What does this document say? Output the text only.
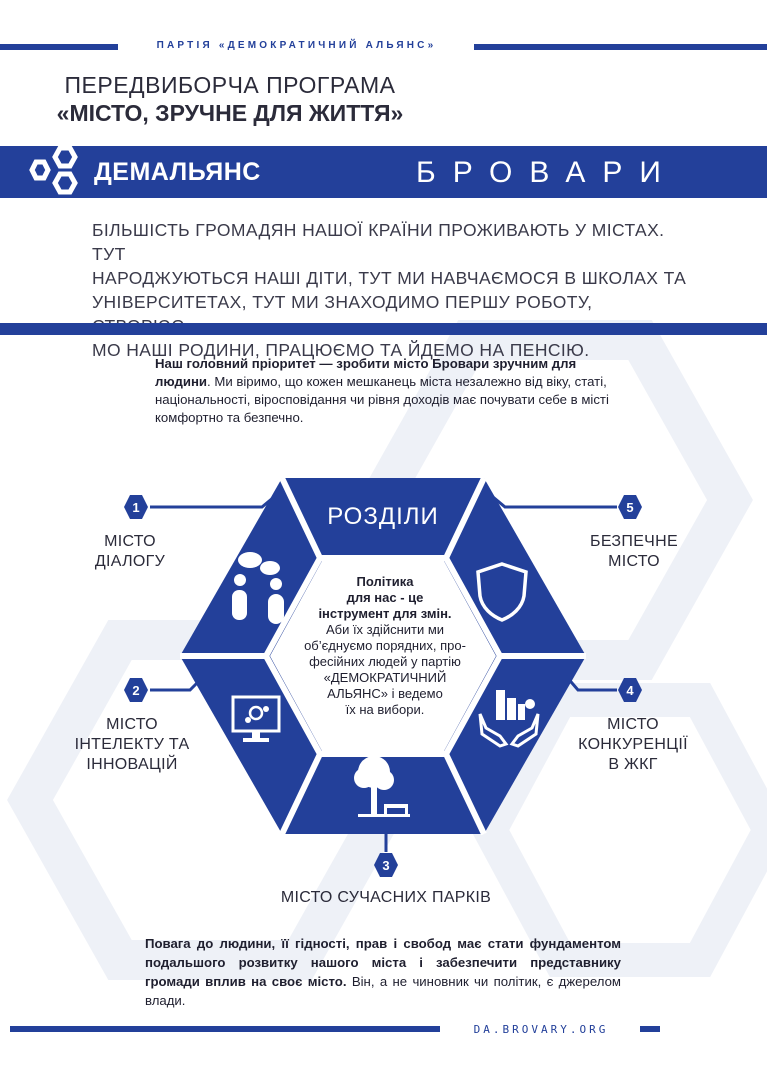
ПАРТІЯ «ДЕМОКРАТИЧНИЙ АЛЬЯНС»
ПЕРЕДВИБОРЧА ПРОГРАМА
«МІСТО, ЗРУЧНЕ ДЛЯ ЖИТТЯ»
ДЕМАЛЬЯНС	БРОВАРИ
БІЛЬШІСТЬ ГРОМАДЯН НАШОЇ КРАЇНИ ПРОЖИВАЮТЬ У МІСТАХ. ТУТ
НАРОДЖУЮТЬСЯ НАШІ ДІТИ, ТУТ МИ НАВЧАЄМОСЯ В ШКОЛАХ ТА
УНІВЕРСИТЕТАХ, ТУТ МИ ЗНАХОДИМО ПЕРШУ РОБОТУ,
МО НАШІ РОДИНИ, ПРАЦЮЄМО ТА ЙДЕМО НА ПЕНСІЮ.
Наш головний пріоритет — зробити місто Бровари зручним для людини. Ми віримо, що кожен мешканець міста незалежно від віку, статі, національності, віросповідання чи рівня доходів має почувати себе в місті комфортно та безпечно.
РОЗДІЛИ
Політика
для нас - це
інструмент для змін.
Аби їх здійснити ми
об’єднуємо порядних, про-
фесійних людей у партію
«ДЕМОКРАТИЧНИЙ
АЛЬЯНС» і ведемо
їх на вибори.
1
2
3
4
5
МІСТО
ДІАЛОГУ
МІСТО
ІНТЕЛЕКТУ ТА
ІННОВАЦІЙ
МІСТО СУЧАСНИХ ПАРКІВ
МІСТО
КОНКУРЕНЦІЇ
В ЖКГ
БЕЗПЕЧНЕ
МІСТО
Повага до людини, її гідності, прав і свобод має стати фундаментом подальшого розвитку нашого міста і забезпечити представнику громади вплив на своє місто. Він, а не чиновник чи політик, є джерелом влади.
DA.BROVARY.ORG
